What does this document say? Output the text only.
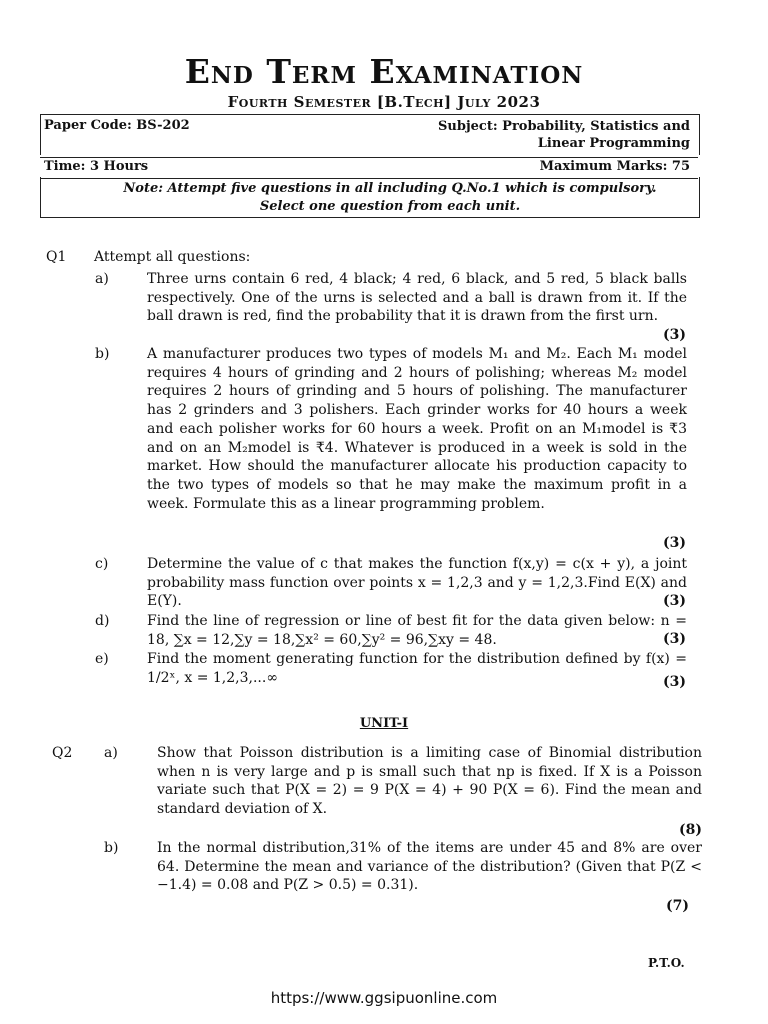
End Term Examination
Fourth Semester [B.Tech] July 2023
Paper Code: BS-202	Subject: Probability, Statistics and Linear Programming
Time: 3 Hours	Maximum Marks: 75
Note: Attempt five questions in all including Q.No.1 which is compulsory. Select one question from each unit.
Q1 Attempt all questions:
a)	Three urns contain 6 red, 4 black; 4 red, 6 black, and 5 red, 5 black balls respectively. One of the urns is selected and a ball is drawn from it. If the ball drawn is red, find the probability that it is drawn from the first urn.
(3)
b)	A manufacturer produces two types of models M₁ and M₂. Each M₁ model requires 4 hours of grinding and 2 hours of polishing; whereas M₂ model requires 2 hours of grinding and 5 hours of polishing. The manufacturer has 2 grinders and 3 polishers. Each grinder works for 40 hours a week and each polisher works for 60 hours a week. Profit on an M₁model is ₹3 and on an M₂model is ₹4. Whatever is produced in a week is sold in the market. How should the manufacturer allocate his production capacity to the two types of models so that he may make the maximum profit in a week. Formulate this as a linear programming problem.
(3)
c)	Determine the value of c that makes the function f(x,y) = c(x + y), a joint probability mass function over points x = 1,2,3 and y = 1,2,3.Find E(X) and E(Y).	(3)
d)	Find the line of regression or line of best fit for the data given below: n = 18, ∑x = 12,∑y = 18,∑x² = 60,∑y² = 96,∑xy = 48.	(3)
e)	Find the moment generating function for the distribution defined by f(x) = 1/2ˣ, x = 1,2,3,...∞	(3)
UNIT-I
Q2 a)	Show that Poisson distribution is a limiting case of Binomial distribution when n is very large and p is small such that np is fixed. If X is a Poisson variate such that P(X = 2) = 9 P(X = 4) + 90 P(X = 6). Find the mean and standard deviation of X.
(8)
b)	In the normal distribution,31% of the items are under 45 and 8% are over 64. Determine the mean and variance of the distribution? (Given that P(Z < −1.4) = 0.08 and P(Z > 0.5) = 0.31).
(7)
P.T.O.
https://www.ggsipuonline.com
